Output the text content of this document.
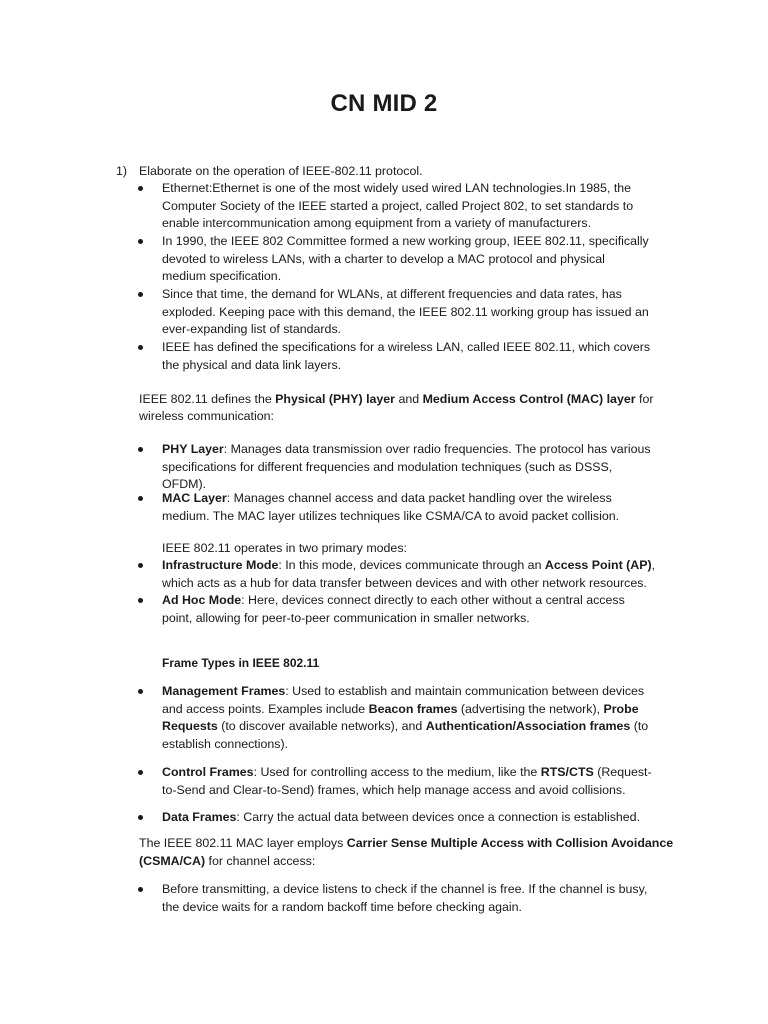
CN MID 2
1) Elaborate on the operation of IEEE-802.11 protocol.
Ethernet:Ethernet is one of the most widely used wired LAN technologies.In 1985, the
Computer Society of the IEEE started a project, called Project 802, to set standards to
enable intercommunication among equipment from a variety of manufacturers.
In 1990, the IEEE 802 Committee formed a new working group, IEEE 802.11, specifically
devoted to wireless LANs, with a charter to develop a MAC protocol and physical
medium specification.
Since that time, the demand for WLANs, at different frequencies and data rates, has
exploded. Keeping pace with this demand, the IEEE 802.11 working group has issued an
ever-expanding list of standards.
IEEE has defined the specifications for a wireless LAN, called IEEE 802.11, which covers
the physical and data link layers.
IEEE 802.11 defines the Physical (PHY) layer and Medium Access Control (MAC) layer for
wireless communication:
PHY Layer: Manages data transmission over radio frequencies. The protocol has various
specifications for different frequencies and modulation techniques (such as DSSS,
OFDM).
MAC Layer: Manages channel access and data packet handling over the wireless
medium. The MAC layer utilizes techniques like CSMA/CA to avoid packet collision.
IEEE 802.11 operates in two primary modes:
Infrastructure Mode: In this mode, devices communicate through an Access Point (AP),
which acts as a hub for data transfer between devices and with other network resources.
Ad Hoc Mode: Here, devices connect directly to each other without a central access
point, allowing for peer-to-peer communication in smaller networks.
Frame Types in IEEE 802.11
Management Frames: Used to establish and maintain communication between devices
and access points. Examples include Beacon frames (advertising the network), Probe
Requests (to discover available networks), and Authentication/Association frames (to
establish connections).
Control Frames: Used for controlling access to the medium, like the RTS/CTS (Request-
to-Send and Clear-to-Send) frames, which help manage access and avoid collisions.
Data Frames: Carry the actual data between devices once a connection is established.
The IEEE 802.11 MAC layer employs Carrier Sense Multiple Access with Collision Avoidance
(CSMA/CA) for channel access:
Before transmitting, a device listens to check if the channel is free. If the channel is busy,
the device waits for a random backoff time before checking again.
